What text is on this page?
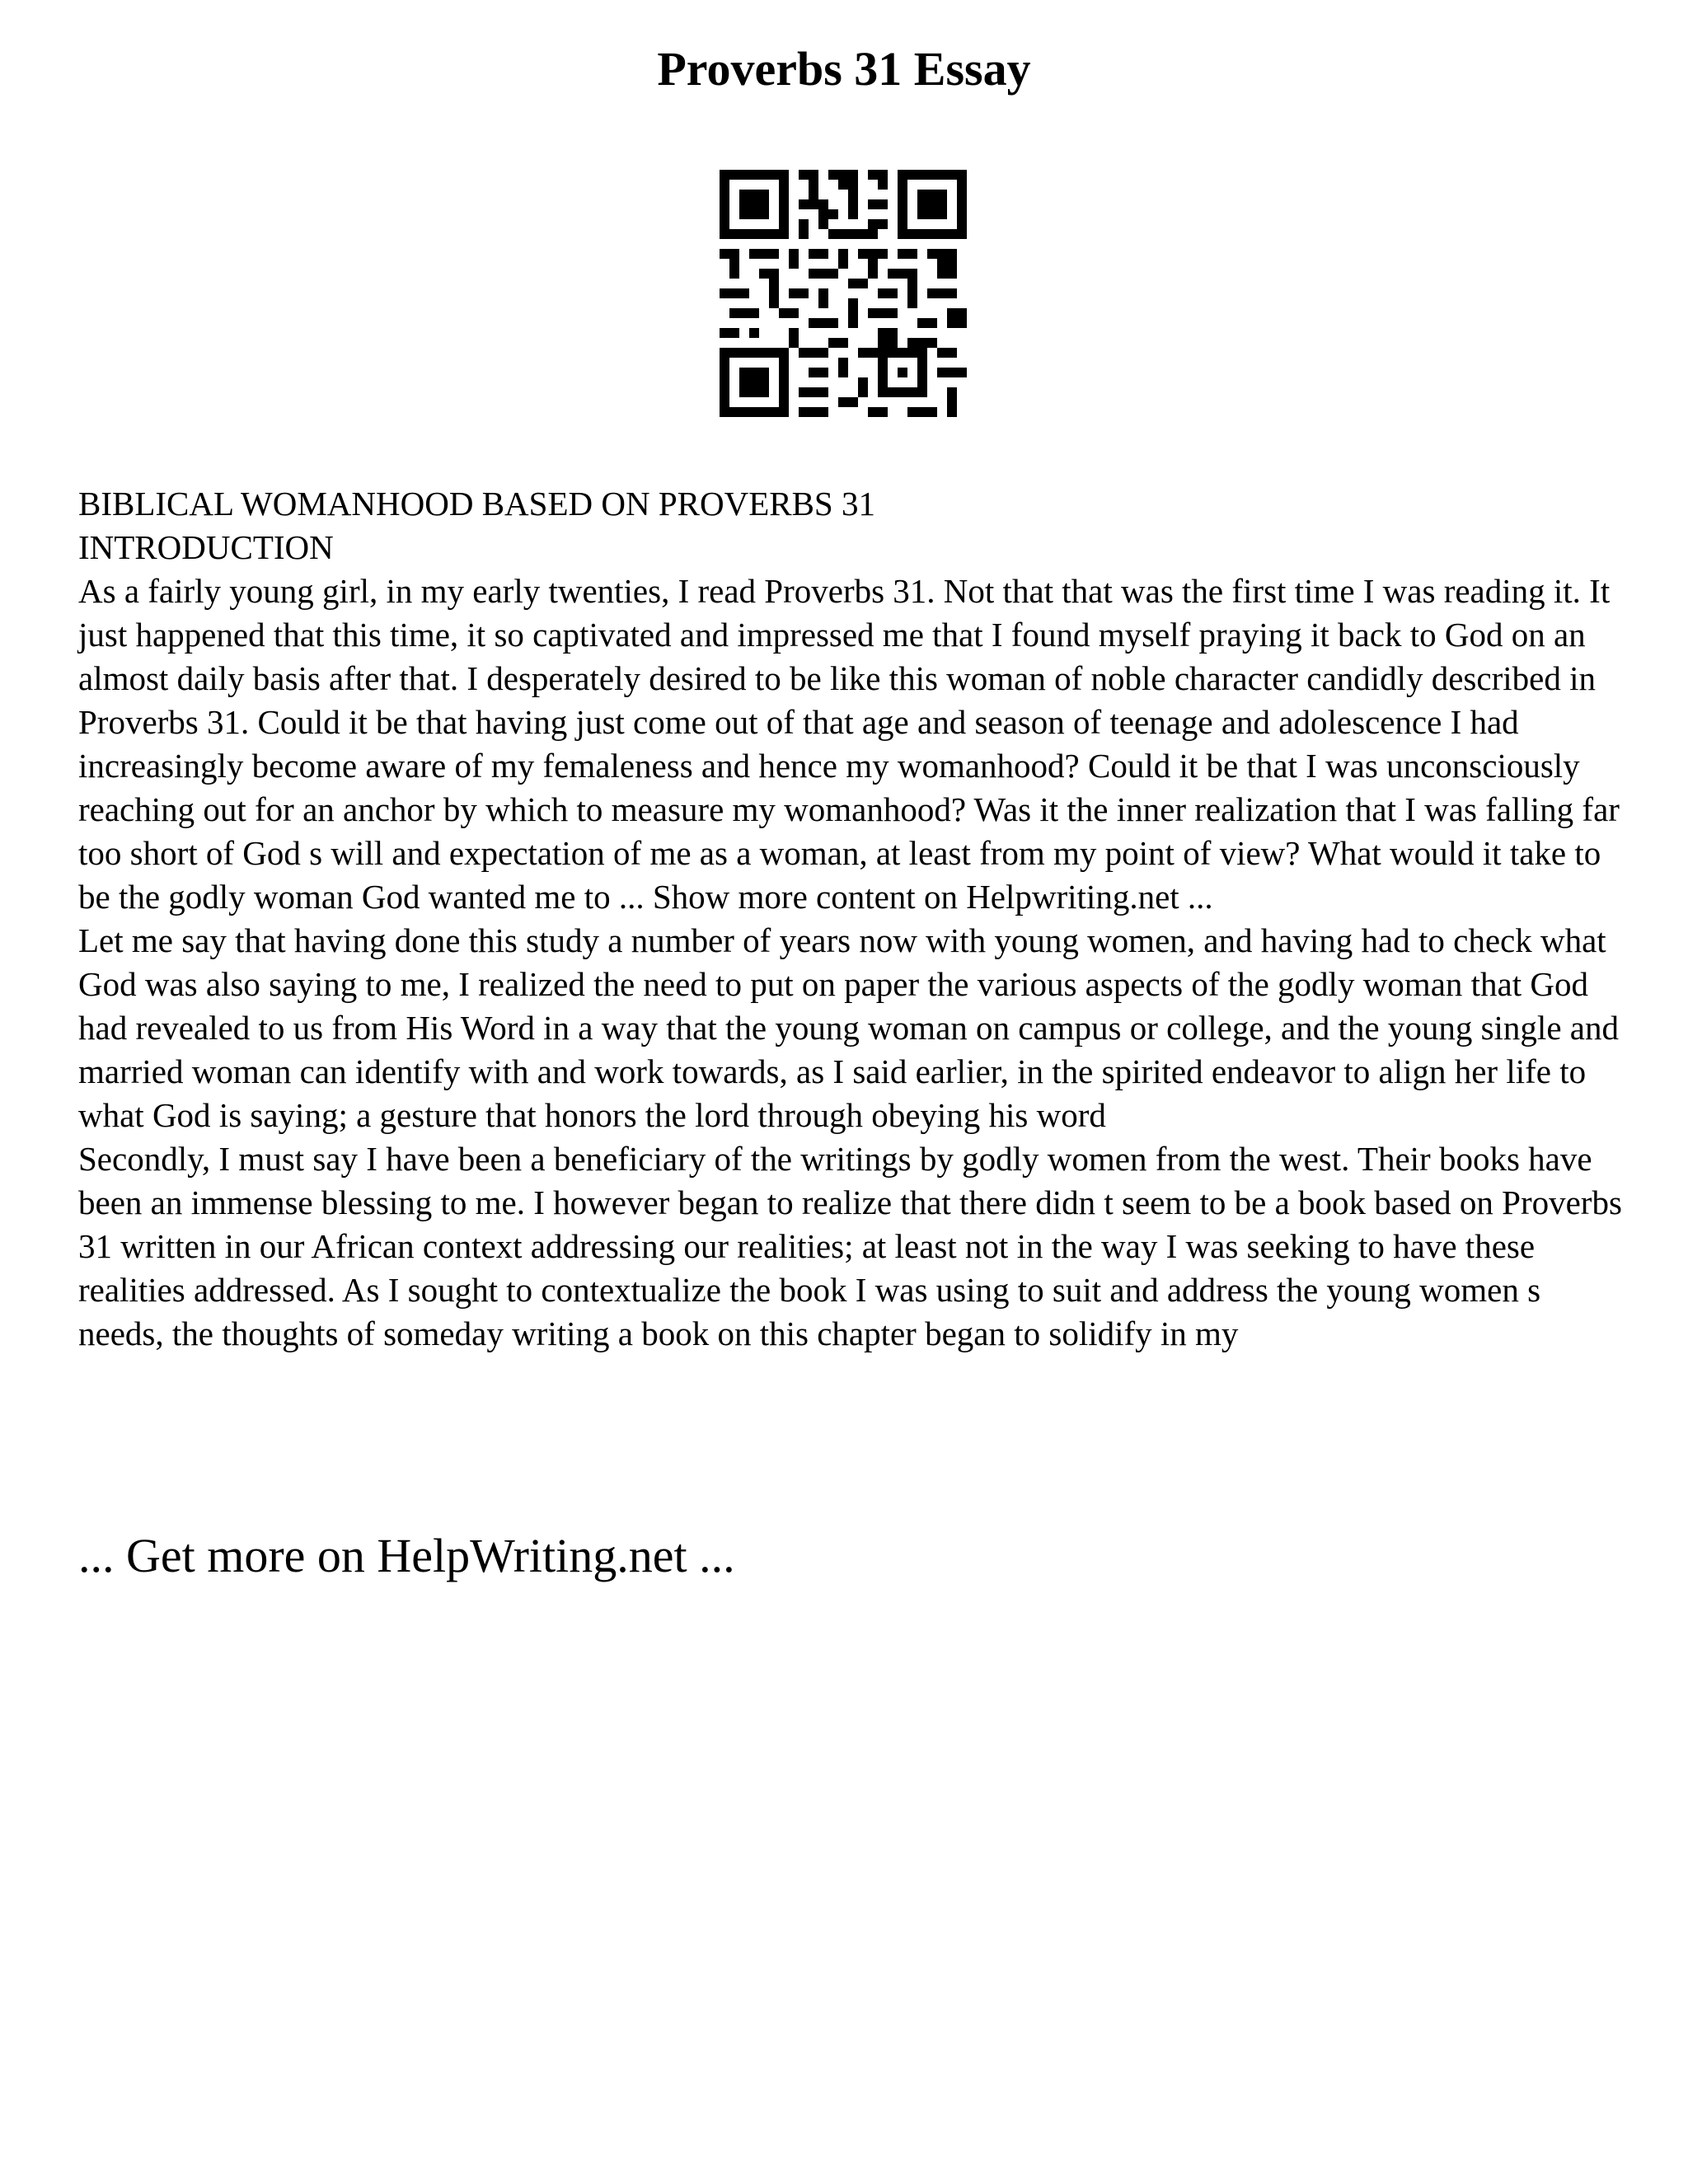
Proverbs 31 Essay

BIBLICAL WOMANHOOD BASED ON PROVERBS 31

INTRODUCTION

As a fairly young girl, in my early twenties, I read Proverbs 31. Not that that was the first time I was reading it. It just happened that this time, it so captivated and impressed me that I found myself praying it back to God on an almost daily basis after that. I desperately desired to be like this woman of noble character candidly described in Proverbs 31. Could it be that having just come out of that age and season of teenage and adolescence I had increasingly become aware of my femaleness and hence my womanhood? Could it be that I was unconsciously reaching out for an anchor by which to measure my womanhood? Was it the inner realization that I was falling far too short of God s will and expectation of me as a woman, at least from my point of view? What would it take to be the godly woman God wanted me to ... Show more content on Helpwriting.net ...

Let me say that having done this study a number of years now with young women, and having had to check what God was also saying to me, I realized the need to put on paper the various aspects of the godly woman that God had revealed to us from His Word in a way that the young woman on campus or college, and the young single and married woman can identify with and work towards, as I said earlier, in the spirited endeavor to align her life to what God is saying; a gesture that honors the lord through obeying his word

Secondly, I must say I have been a beneficiary of the writings by godly women from the west. Their books have been an immense blessing to me. I however began to realize that there didn t seem to be a book based on Proverbs 31 written in our African context addressing our realities; at least not in the way I was seeking to have these realities addressed. As I sought to contextualize the book I was using to suit and address the young women s needs, the thoughts of someday writing a book on this chapter began to solidify in my

... Get more on HelpWriting.net ...
